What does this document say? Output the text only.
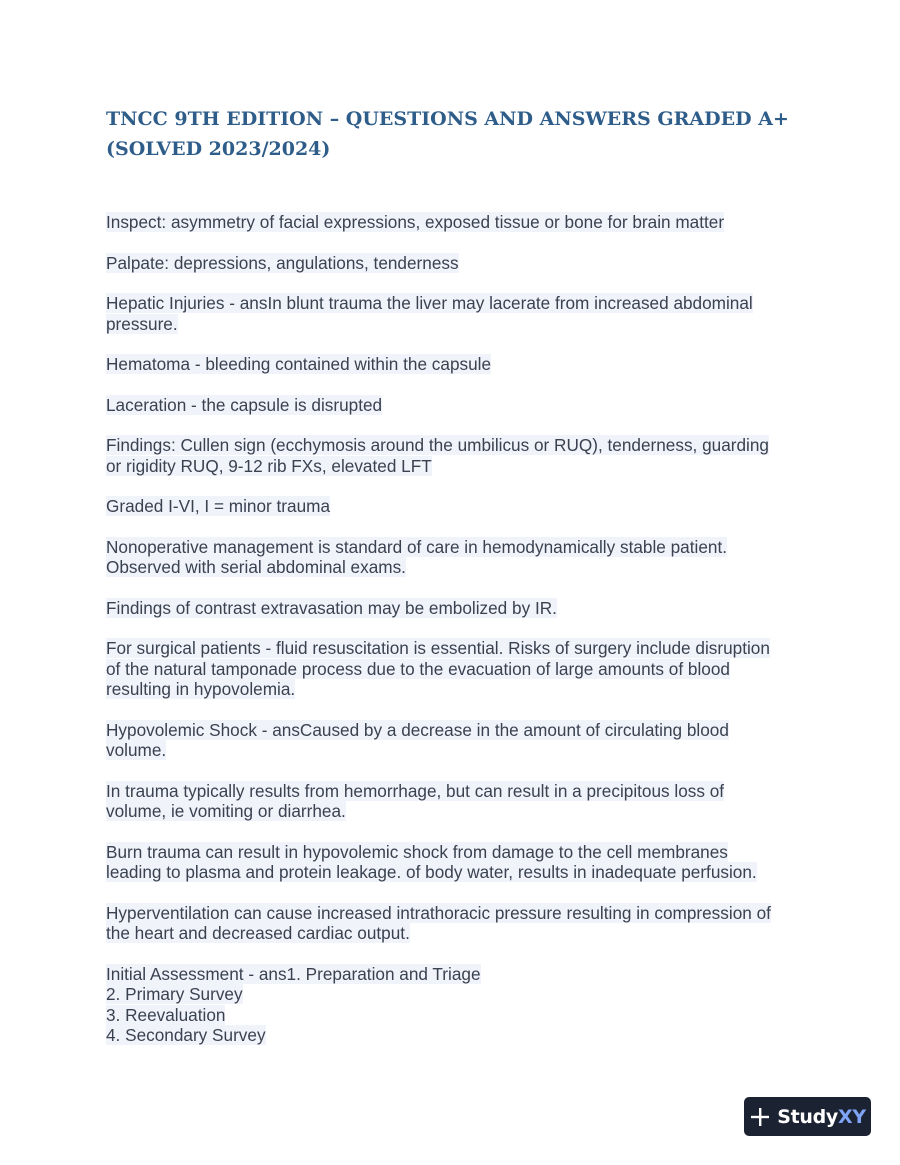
TNCC 9TH EDITION – QUESTIONS AND ANSWERS GRADED A+ (SOLVED 2023/2024)

Inspect: asymmetry of facial expressions, exposed tissue or bone for brain matter

Palpate: depressions, angulations, tenderness

Hepatic Injuries - ansIn blunt trauma the liver may lacerate from increased abdominal
pressure.

Hematoma - bleeding contained within the capsule

Laceration - the capsule is disrupted

Findings: Cullen sign (ecchymosis around the umbilicus or RUQ), tenderness, guarding
or rigidity RUQ, 9-12 rib FXs, elevated LFT

Graded I-VI, I = minor trauma

Nonoperative management is standard of care in hemodynamically stable patient.
Observed with serial abdominal exams.

Findings of contrast extravasation may be embolized by IR.

For surgical patients - fluid resuscitation is essential. Risks of surgery include disruption
of the natural tamponade process due to the evacuation of large amounts of blood
resulting in hypovolemia.

Hypovolemic Shock - ansCaused by a decrease in the amount of circulating blood
volume.

In trauma typically results from hemorrhage, but can result in a precipitous loss of
volume, ie vomiting or diarrhea.

Burn trauma can result in hypovolemic shock from damage to the cell membranes
leading to plasma and protein leakage. of body water, results in inadequate perfusion.

Hyperventilation can cause increased intrathoracic pressure resulting in compression of
the heart and decreased cardiac output.

Initial Assessment - ans1. Preparation and Triage
2. Primary Survey
3. Reevaluation
4. Secondary Survey

StudyXY
